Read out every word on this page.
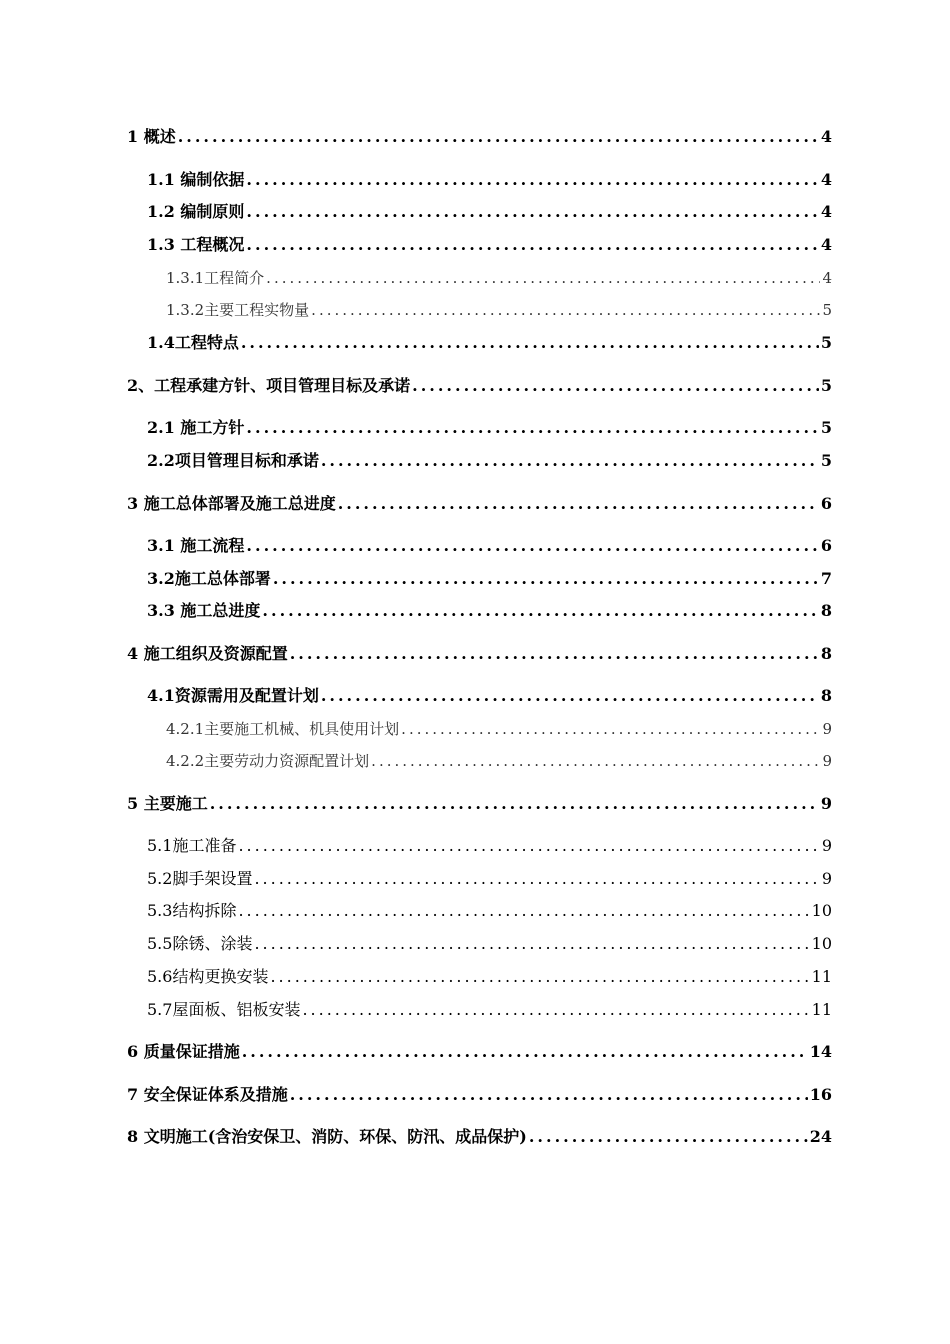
1 概述 .....	4
1.1 编制依据 .....	4
1.2 编制原则 .....	4
1.3 工程概况 .....	4
1.3.1工程简介 .....	4
1.3.2主要工程实物量 .....	5
1.4工程特点 .....	5
2、工程承建方针、项目管理目标及承诺 .....	5
2.1 施工方针 .....	5
2.2项目管理目标和承诺 .....	5
3 施工总体部署及施工总进度 .....	6
3.1 施工流程 .....	6
3.2施工总体部署 .....	7
3.3 施工总进度 .....	8
4 施工组织及资源配置 .....	8
4.1资源需用及配置计划 .....	8
4.2.1主要施工机械、机具使用计划 .....	9
4.2.2主要劳动力资源配置计划 .....	9
5 主要施工 .....	9
5.1施工准备 .....	9
5.2脚手架设置 .....	9
5.3结构拆除 .....	10
5.5除锈、涂装 .....	10
5.6结构更换安装 .....	11
5.7屋面板、铝板安装 .....	11
6 质量保证措施 .....	14
7 安全保证体系及措施 .....	16
8 文明施工(含治安保卫、消防、环保、防汛、成品保护) .....	24
